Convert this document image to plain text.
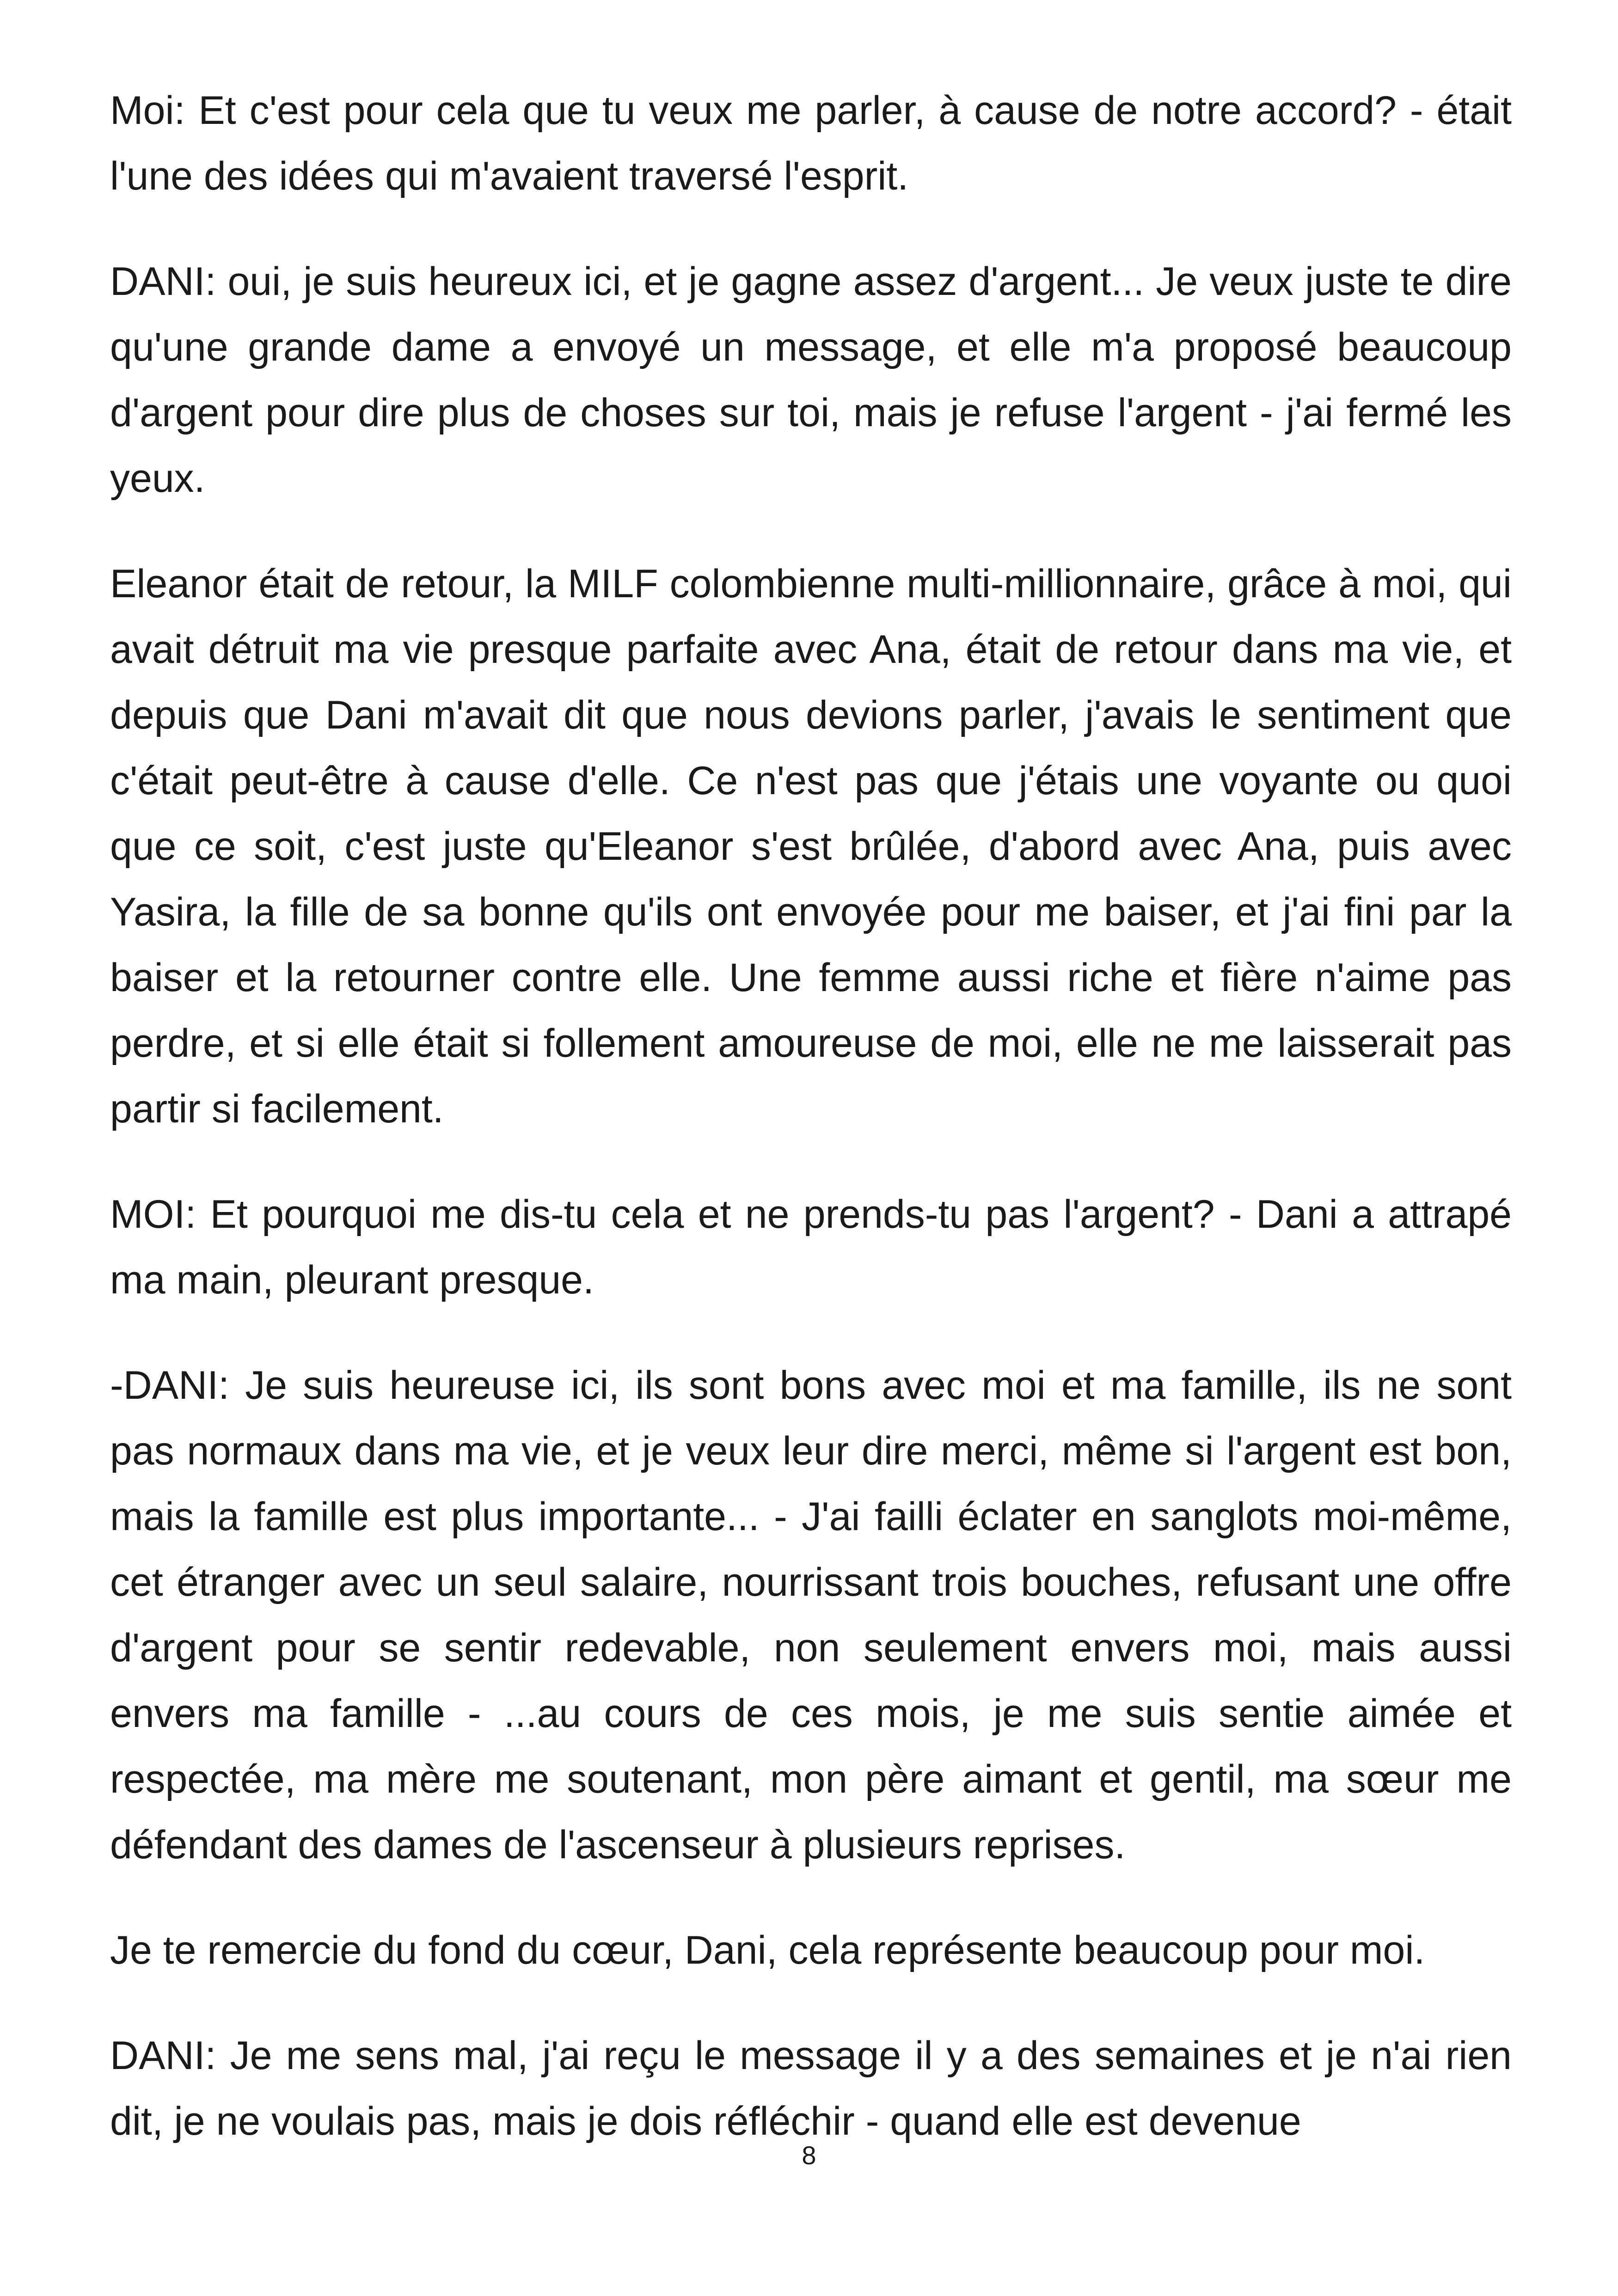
Moi: Et c'est pour cela que tu veux me parler, à cause de notre accord? - était l'une des idées qui m'avaient traversé l'esprit.

DANI: oui, je suis heureux ici, et je gagne assez d'argent... Je veux juste te dire qu'une grande dame a envoyé un message, et elle m'a proposé beaucoup d'argent pour dire plus de choses sur toi, mais je refuse l'argent - j'ai fermé les yeux.

Eleanor était de retour, la MILF colombienne multi-millionnaire, grâce à moi, qui avait détruit ma vie presque parfaite avec Ana, était de retour dans ma vie, et depuis que Dani m'avait dit que nous devions parler, j'avais le sentiment que c'était peut-être à cause d'elle. Ce n'est pas que j'étais une voyante ou quoi que ce soit, c'est juste qu'Eleanor s'est brûlée, d'abord avec Ana, puis avec Yasira, la fille de sa bonne qu'ils ont envoyée pour me baiser, et j'ai fini par la baiser et la retourner contre elle. Une femme aussi riche et fière n'aime pas perdre, et si elle était si follement amoureuse de moi, elle ne me laisserait pas partir si facilement.

MOI: Et pourquoi me dis-tu cela et ne prends-tu pas l'argent? - Dani a attrapé ma main, pleurant presque.

-DANI: Je suis heureuse ici, ils sont bons avec moi et ma famille, ils ne sont pas normaux dans ma vie, et je veux leur dire merci, même si l'argent est bon, mais la famille est plus importante... - J'ai failli éclater en sanglots moi-même, cet étranger avec un seul salaire, nourrissant trois bouches, refusant une offre d'argent pour se sentir redevable, non seulement envers moi, mais aussi envers ma famille - ...au cours de ces mois, je me suis sentie aimée et respectée, ma mère me soutenant, mon père aimant et gentil, ma sœur me défendant des dames de l'ascenseur à plusieurs reprises.

Je te remercie du fond du cœur, Dani, cela représente beaucoup pour moi.

DANI: Je me sens mal, j'ai reçu le message il y a des semaines et je n'ai rien dit, je ne voulais pas, mais je dois réfléchir - quand elle est devenue

8
